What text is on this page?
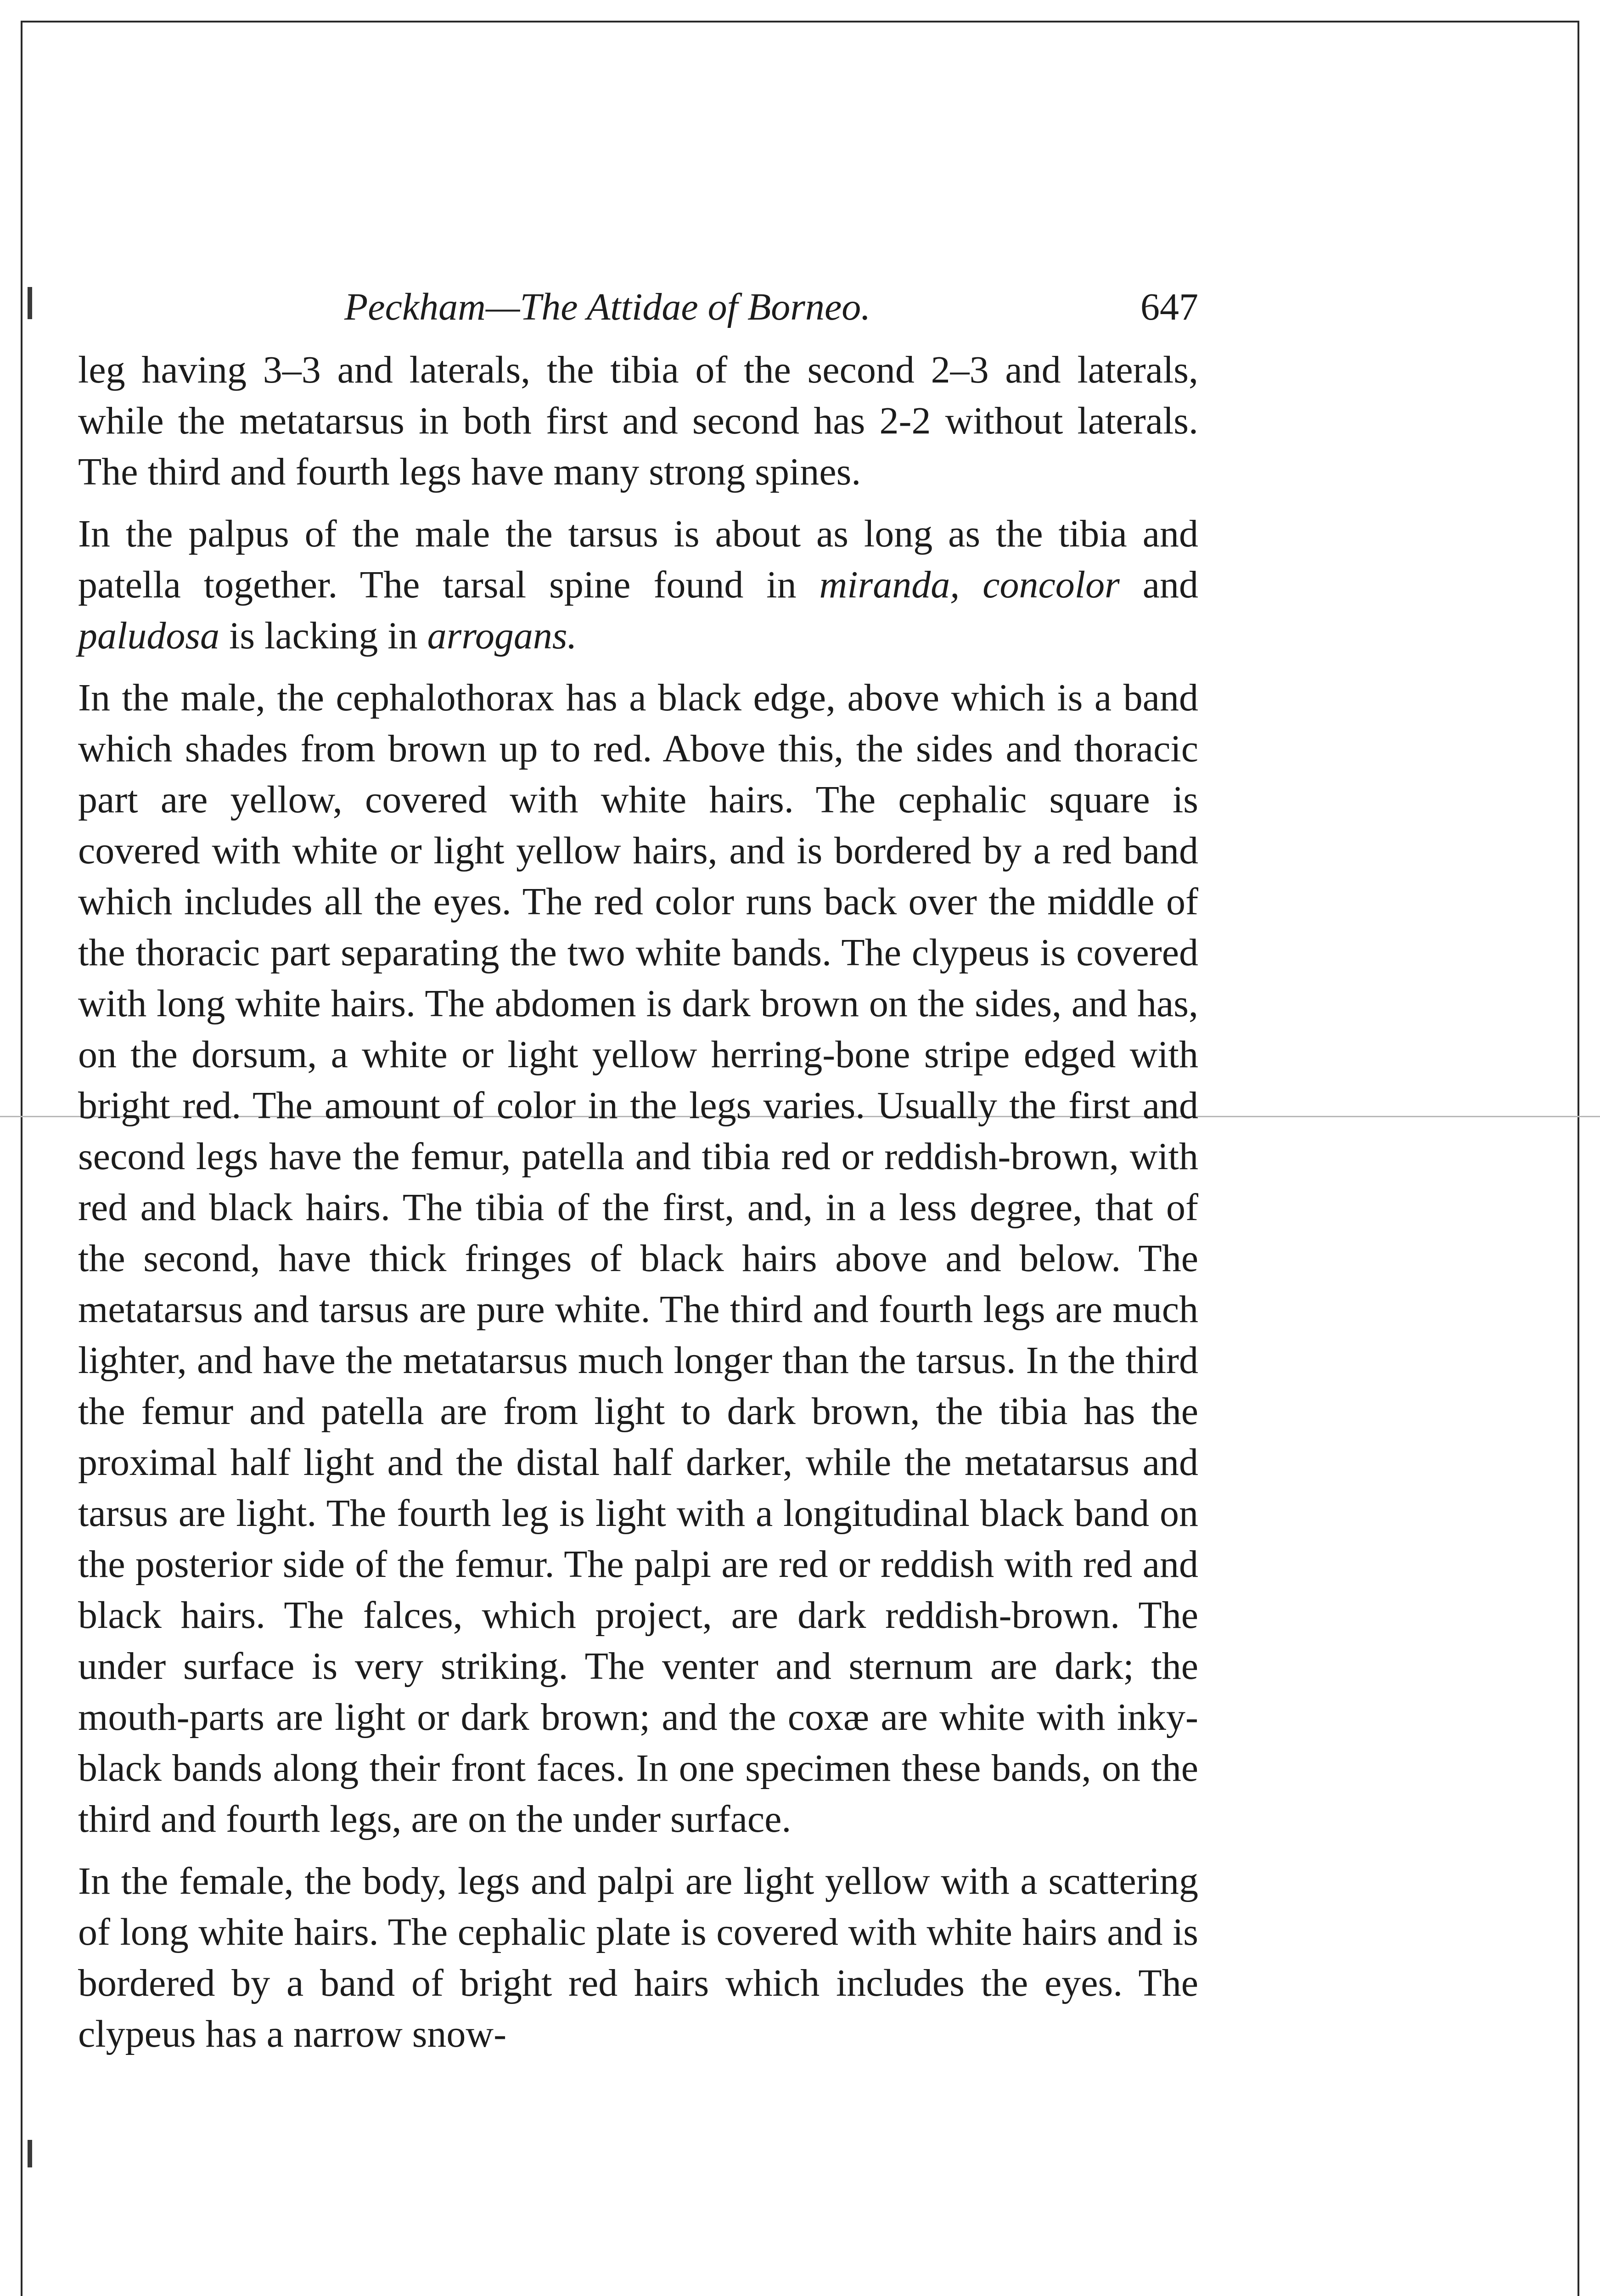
Peckham—The Attidae of Borneo.	647

leg having 3–3 and laterals, the tibia of the second 2–3 and laterals, while the metatarsus in both first and second has 2-2 without laterals. The third and fourth legs have many strong spines.

In the palpus of the male the tarsus is about as long as the tibia and patella together. The tarsal spine found in miranda, concolor and paludosa is lacking in arrogans.

In the male, the cephalothorax has a black edge, above which is a band which shades from brown up to red. Above this, the sides and thoracic part are yellow, covered with white hairs. The cephalic square is covered with white or light yellow hairs, and is bordered by a red band which includes all the eyes. The red color runs back over the middle of the thoracic part separating the two white bands. The clypeus is covered with long white hairs. The abdomen is dark brown on the sides, and has, on the dorsum, a white or light yellow herring-bone stripe edged with bright red. The amount of color in the legs varies. Usually the first and second legs have the femur, patella and tibia red or reddish-brown, with red and black hairs. The tibia of the first, and, in a less degree, that of the second, have thick fringes of black hairs above and below. The metatarsus and tarsus are pure white. The third and fourth legs are much lighter, and have the metatarsus much longer than the tarsus. In the third the femur and patella are from light to dark brown, the tibia has the proximal half light and the distal half darker, while the metatarsus and tarsus are light. The fourth leg is light with a longitudinal black band on the posterior side of the femur. The palpi are red or reddish with red and black hairs. The falces, which project, are dark reddish-brown. The under surface is very striking. The venter and sternum are dark; the mouth-parts are light or dark brown; and the coxæ are white with inky-black bands along their front faces. In one specimen these bands, on the third and fourth legs, are on the under surface.

In the female, the body, legs and palpi are light yellow with a scattering of long white hairs. The cephalic plate is covered with white hairs and is bordered by a band of bright red hairs which includes the eyes. The clypeus has a narrow snow-
